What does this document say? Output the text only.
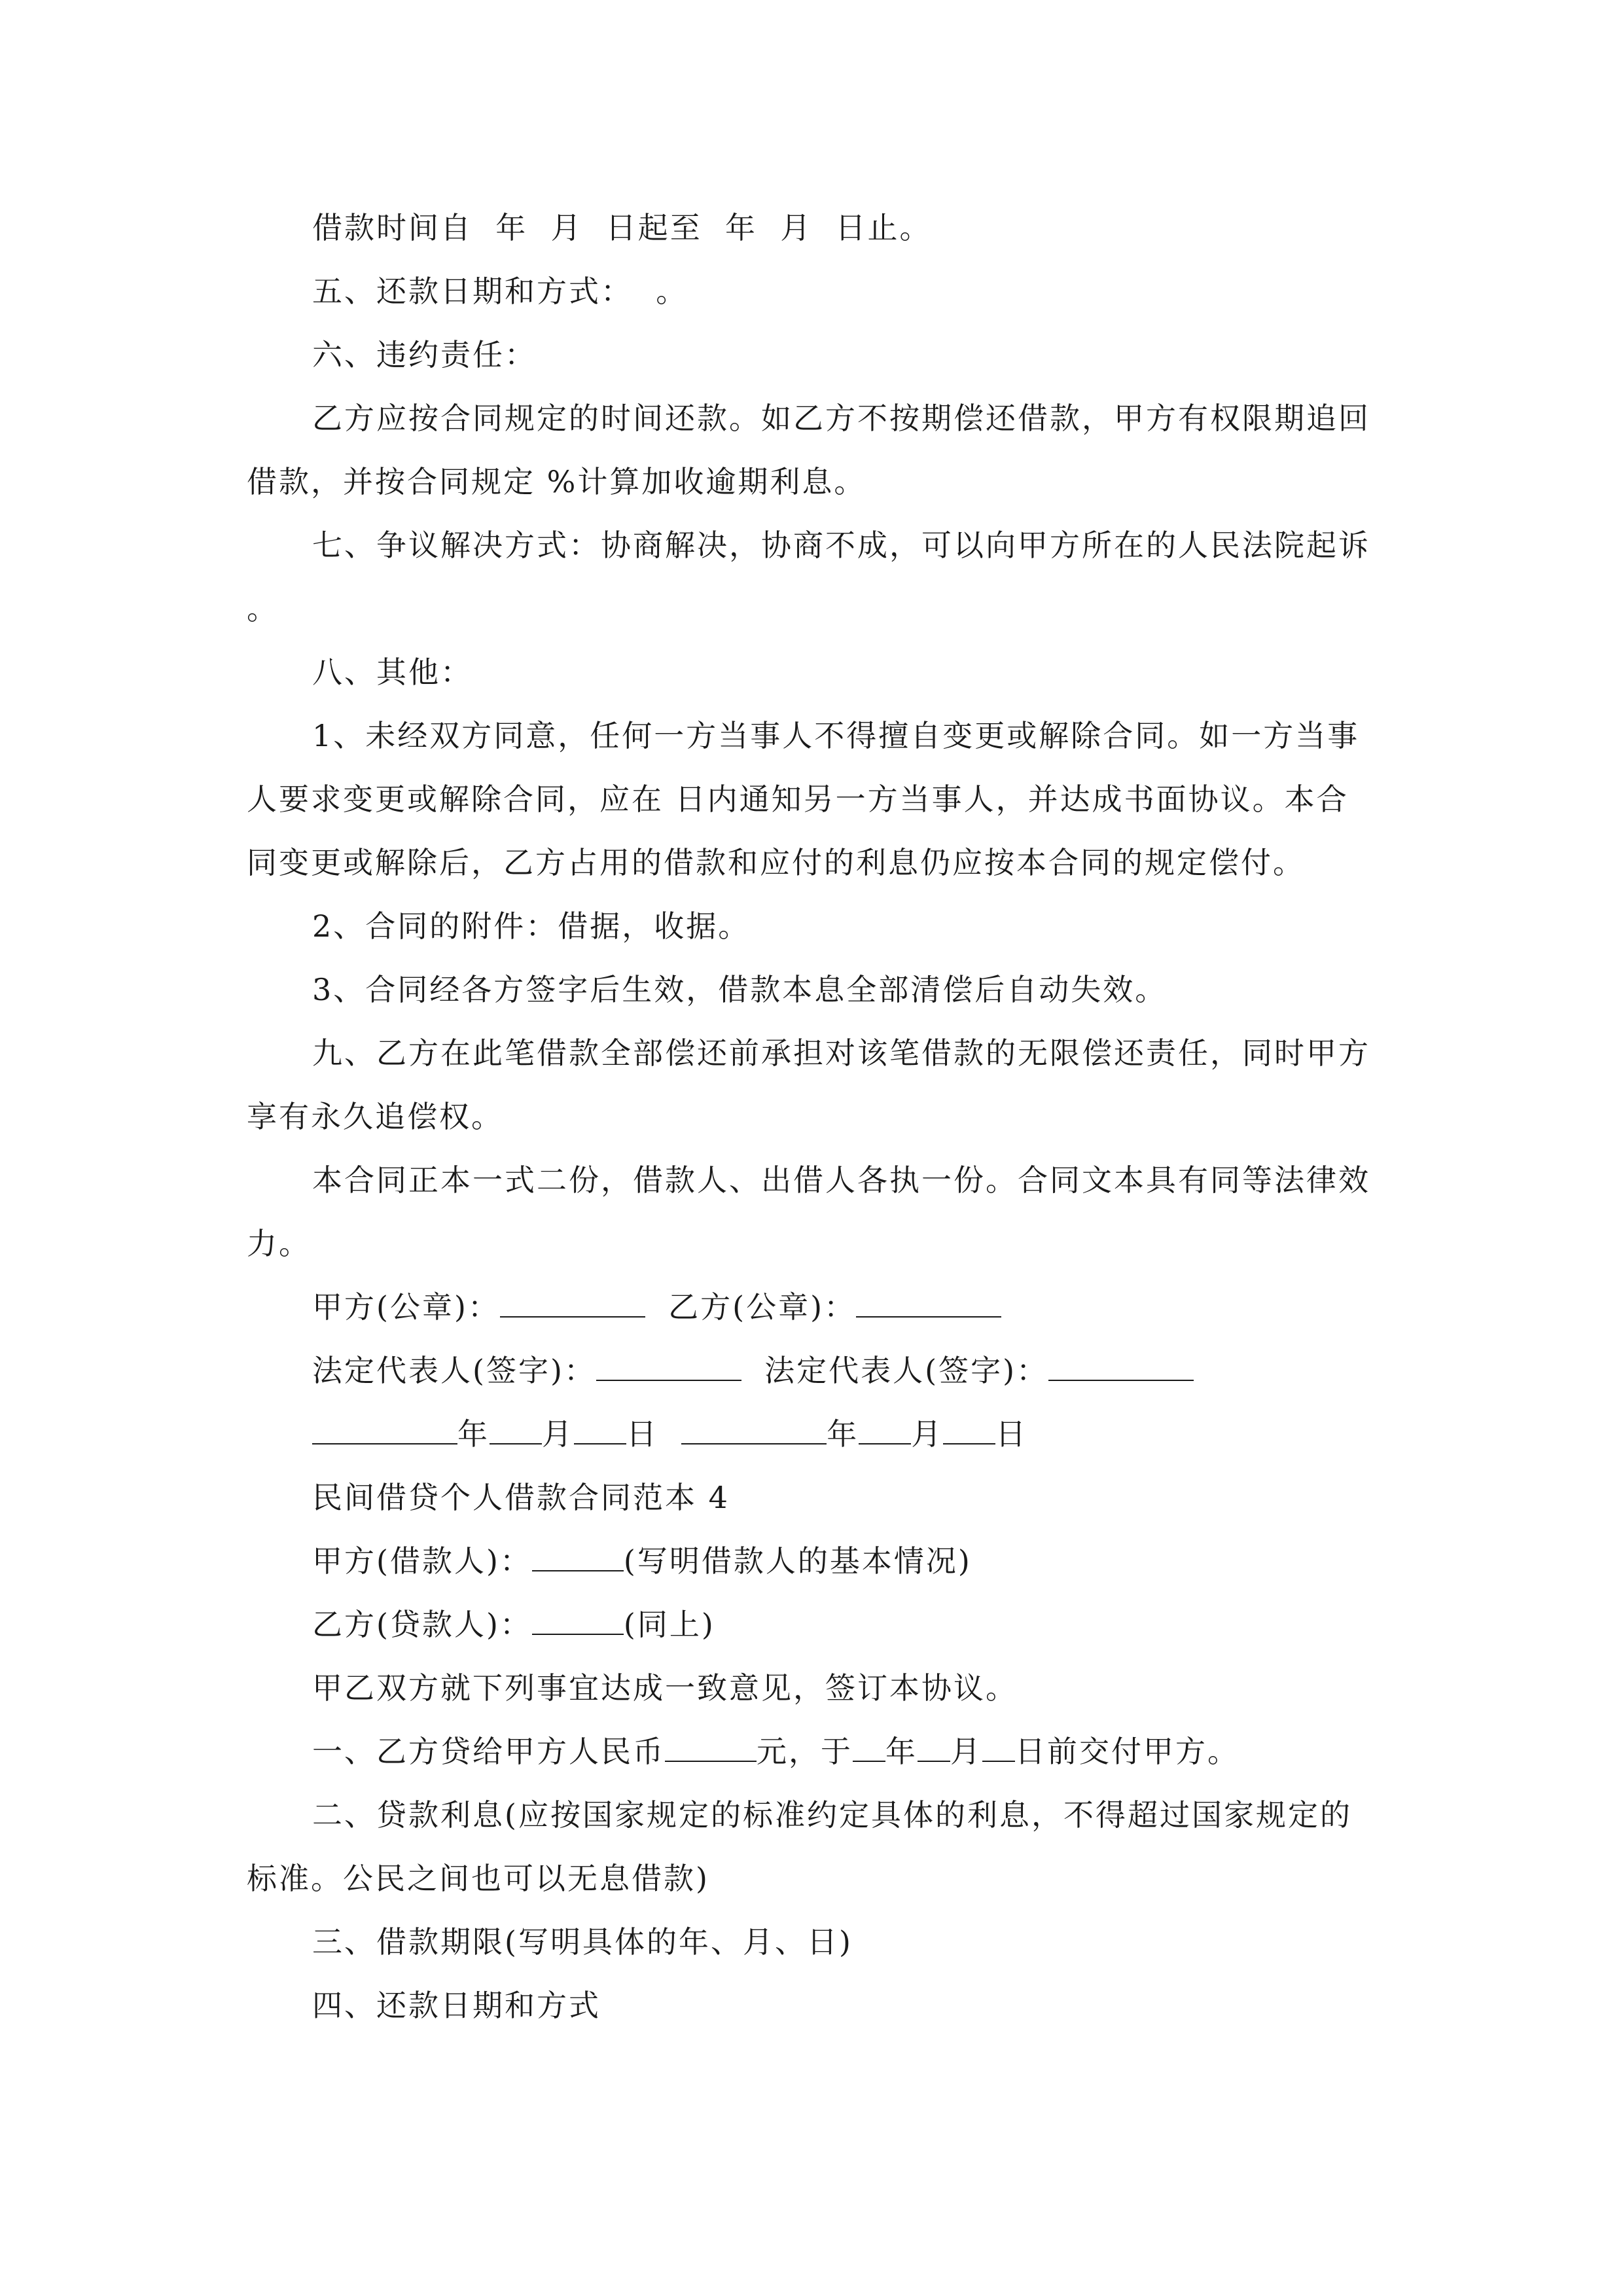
借款时间自  年  月  日起至  年  月  日止。

五、还款日期和方式：  。

六、违约责任：

乙方应按合同规定的时间还款。如乙方不按期偿还借款，甲方有权限期追回借款，并按合同规定 %计算加收逾期利息。

七、争议解决方式：协商解决，协商不成，可以向甲方所在的人民法院起诉 。

八、其他：

1、未经双方同意，任何一方当事人不得擅自变更或解除合同。如一方当事人要求变更或解除合同，应在 日内通知另一方当事人，并达成书面协议。本合同变更或解除后，乙方占用的借款和应付的利息仍应按本合同的规定偿付。

2、合同的附件：借据，收据。

3、合同经各方签字后生效，借款本息全部清偿后自动失效。

九、乙方在此笔借款全部偿还前承担对该笔借款的无限偿还责任，同时甲方享有永久追偿权。

本合同正本一式二份，借款人、出借人各执一份。合同文本具有同等法律效力。

甲方(公章)：	乙方(公章)：

法定代表人(签字)：	法定代表人(签字)：

年 月 日	年 月 日

民间借贷个人借款合同范本 4

甲方(借款人)：	(写明借款人的基本情况)

乙方(贷款人)：	(同上)

甲乙双方就下列事宜达成一致意见，签订本协议。

一、乙方贷给甲方人民币	元，于 年 月 日前交付甲方。

二、贷款利息(应按国家规定的标准约定具体的利息，不得超过国家规定的标准。公民之间也可以无息借款)

三、借款期限(写明具体的年、月、日)

四、还款日期和方式
